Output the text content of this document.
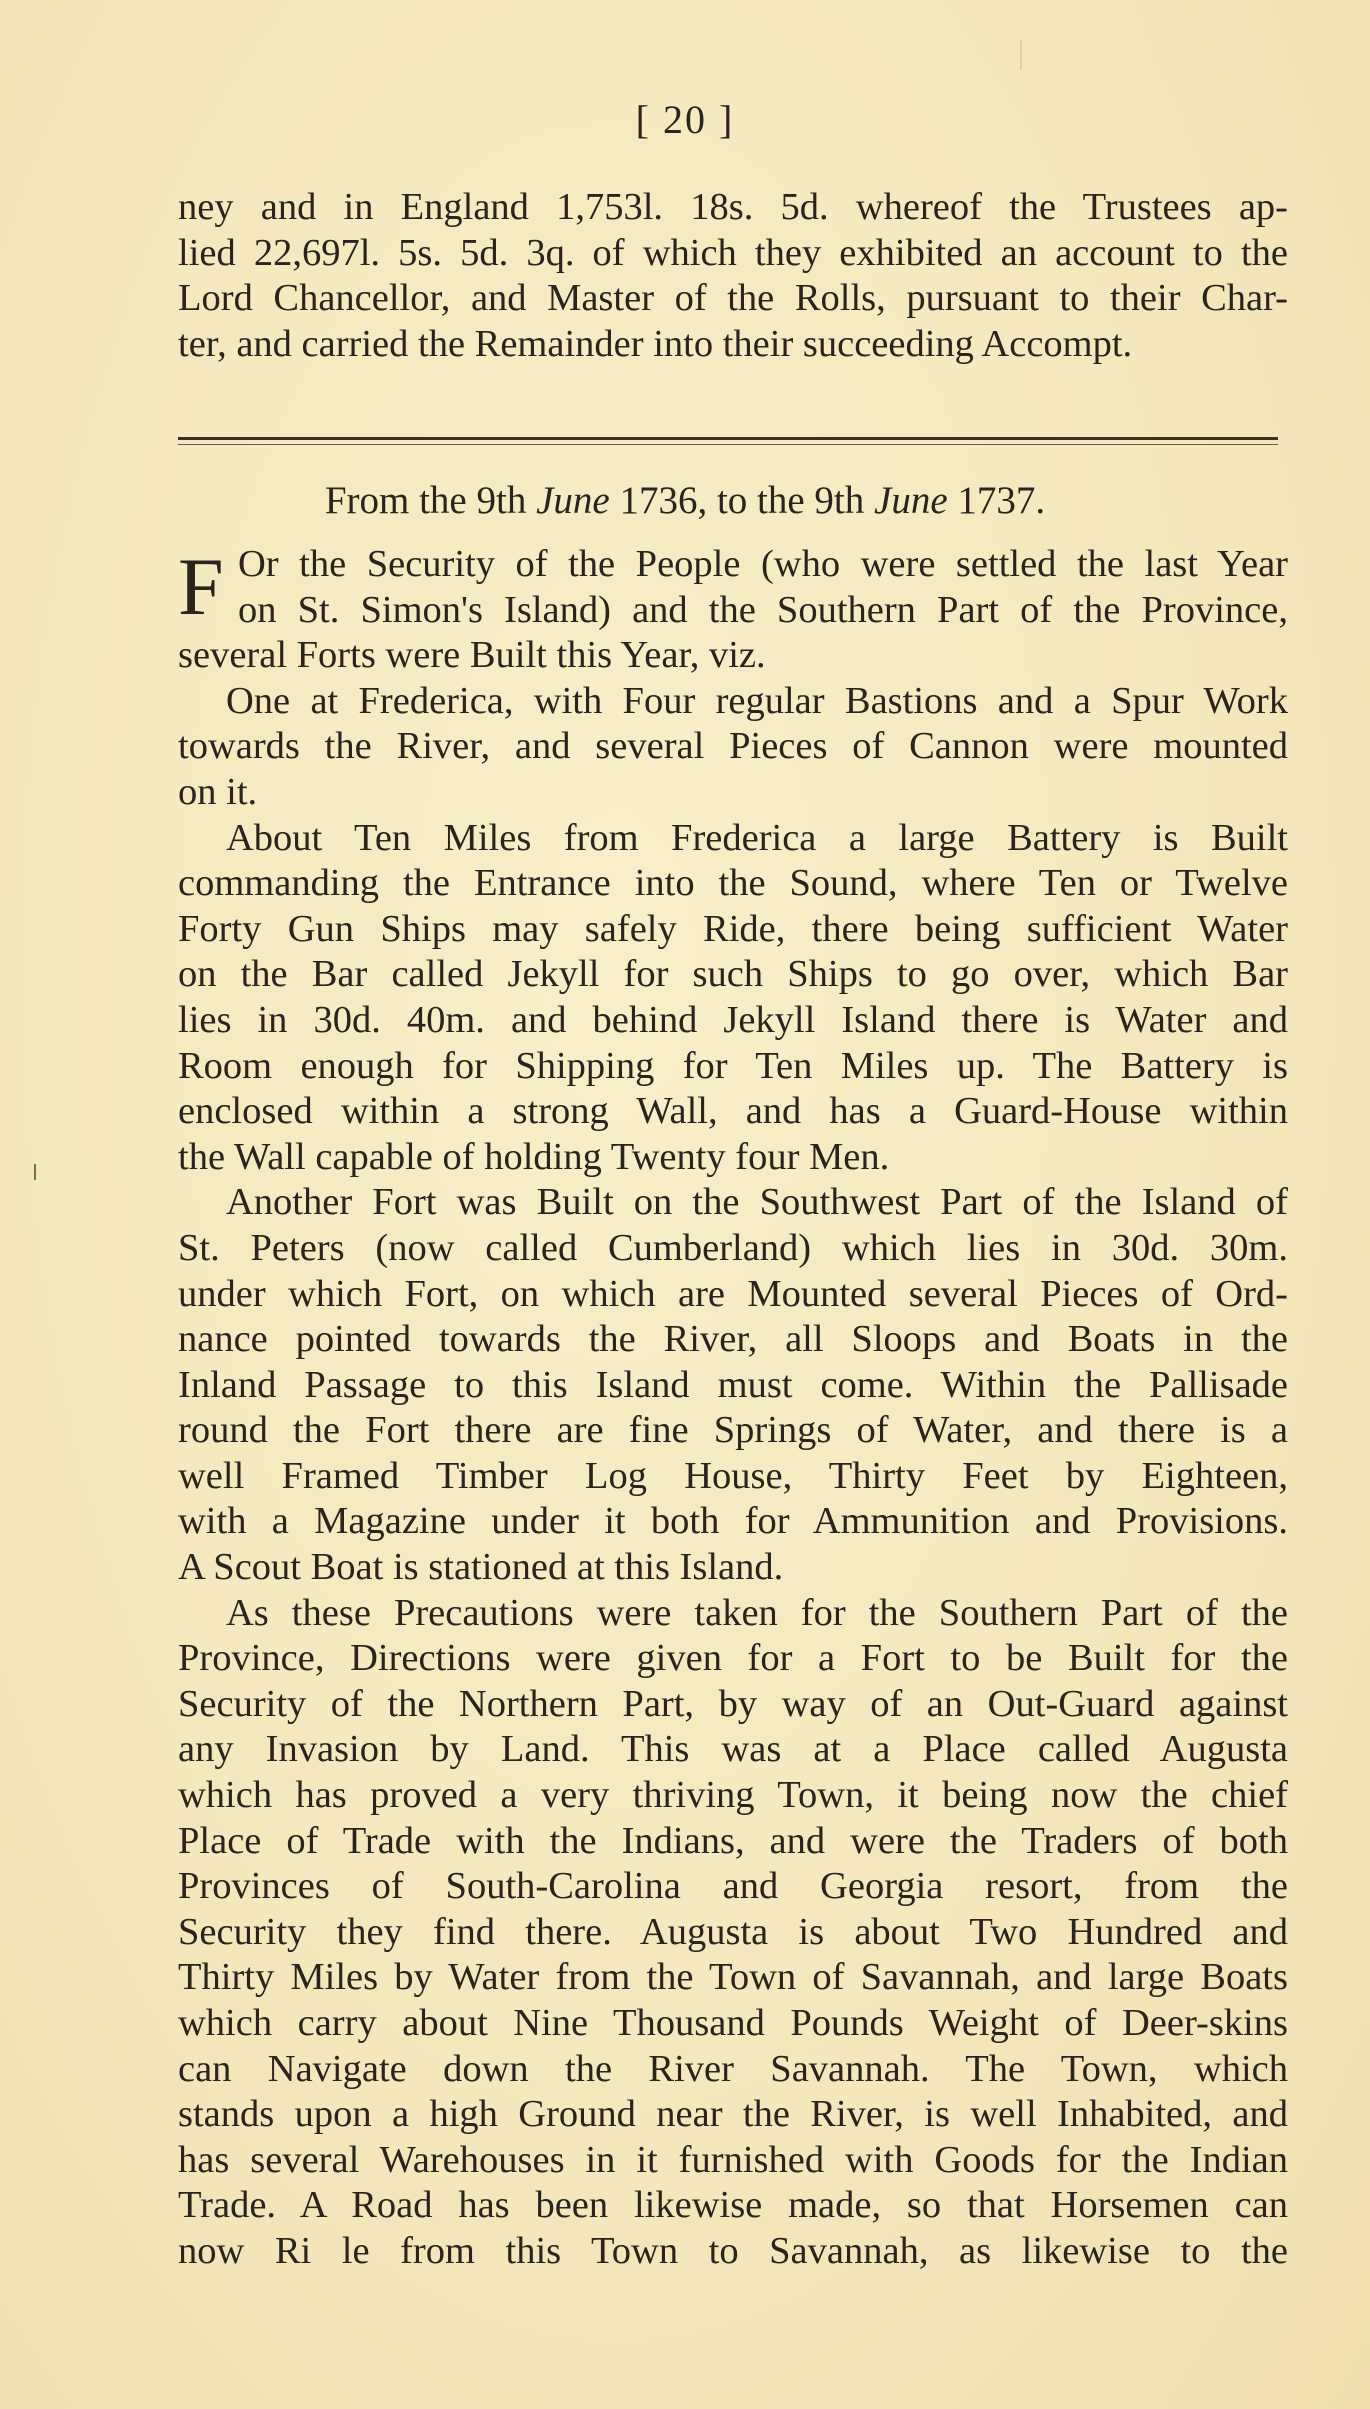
[ 20 ]
ney and in England 1,753l. 18s. 5d. whereof the Trustees ap-
lied 22,697l. 5s. 5d. 3q. of which they exhibited an account to the
Lord Chancellor, and Master of the Rolls, pursuant to their Char-
ter, and carried the Remainder into their succeeding Accompt.
From the 9th June 1736, to the 9th June 1737.
F Or the Security of the People (who were settled the last Year
on St. Simon's Island) and the Southern Part of the Province,
several Forts were Built this Year, viz.
One at Frederica, with Four regular Bastions and a Spur Work
towards the River, and several Pieces of Cannon were mounted
on it.
About Ten Miles from Frederica a large Battery is Built
commanding the Entrance into the Sound, where Ten or Twelve
Forty Gun Ships may safely Ride, there being sufficient Water
on the Bar called Jekyll for such Ships to go over, which Bar
lies in 30d. 40m. and behind Jekyll Island there is Water and
Room enough for Shipping for Ten Miles up. The Battery is
enclosed within a strong Wall, and has a Guard-House within
the Wall capable of holding Twenty four Men.
Another Fort was Built on the Southwest Part of the Island of
St. Peters (now called Cumberland) which lies in 30d. 30m.
under which Fort, on which are Mounted several Pieces of Ord-
nance pointed towards the River, all Sloops and Boats in the
Inland Passage to this Island must come. Within the Pallisade
round the Fort there are fine Springs of Water, and there is a
well Framed Timber Log House, Thirty Feet by Eighteen,
with a Magazine under it both for Ammunition and Provisions.
A Scout Boat is stationed at this Island.
As these Precautions were taken for the Southern Part of the
Province, Directions were given for a Fort to be Built for the
Security of the Northern Part, by way of an Out-Guard against
any Invasion by Land. This was at a Place called Augusta
which has proved a very thriving Town, it being now the chief
Place of Trade with the Indians, and were the Traders of both
Provinces of South-Carolina and Georgia resort, from the
Security they find there. Augusta is about Two Hundred and
Thirty Miles by Water from the Town of Savannah, and large Boats
which carry about Nine Thousand Pounds Weight of Deer-skins
can Navigate down the River Savannah. The Town, which
stands upon a high Ground near the River, is well Inhabited, and
has several Warehouses in it furnished with Goods for the Indian
Trade. A Road has been likewise made, so that Horsemen can
now Ri le from this Town to Savannah, as likewise to the
